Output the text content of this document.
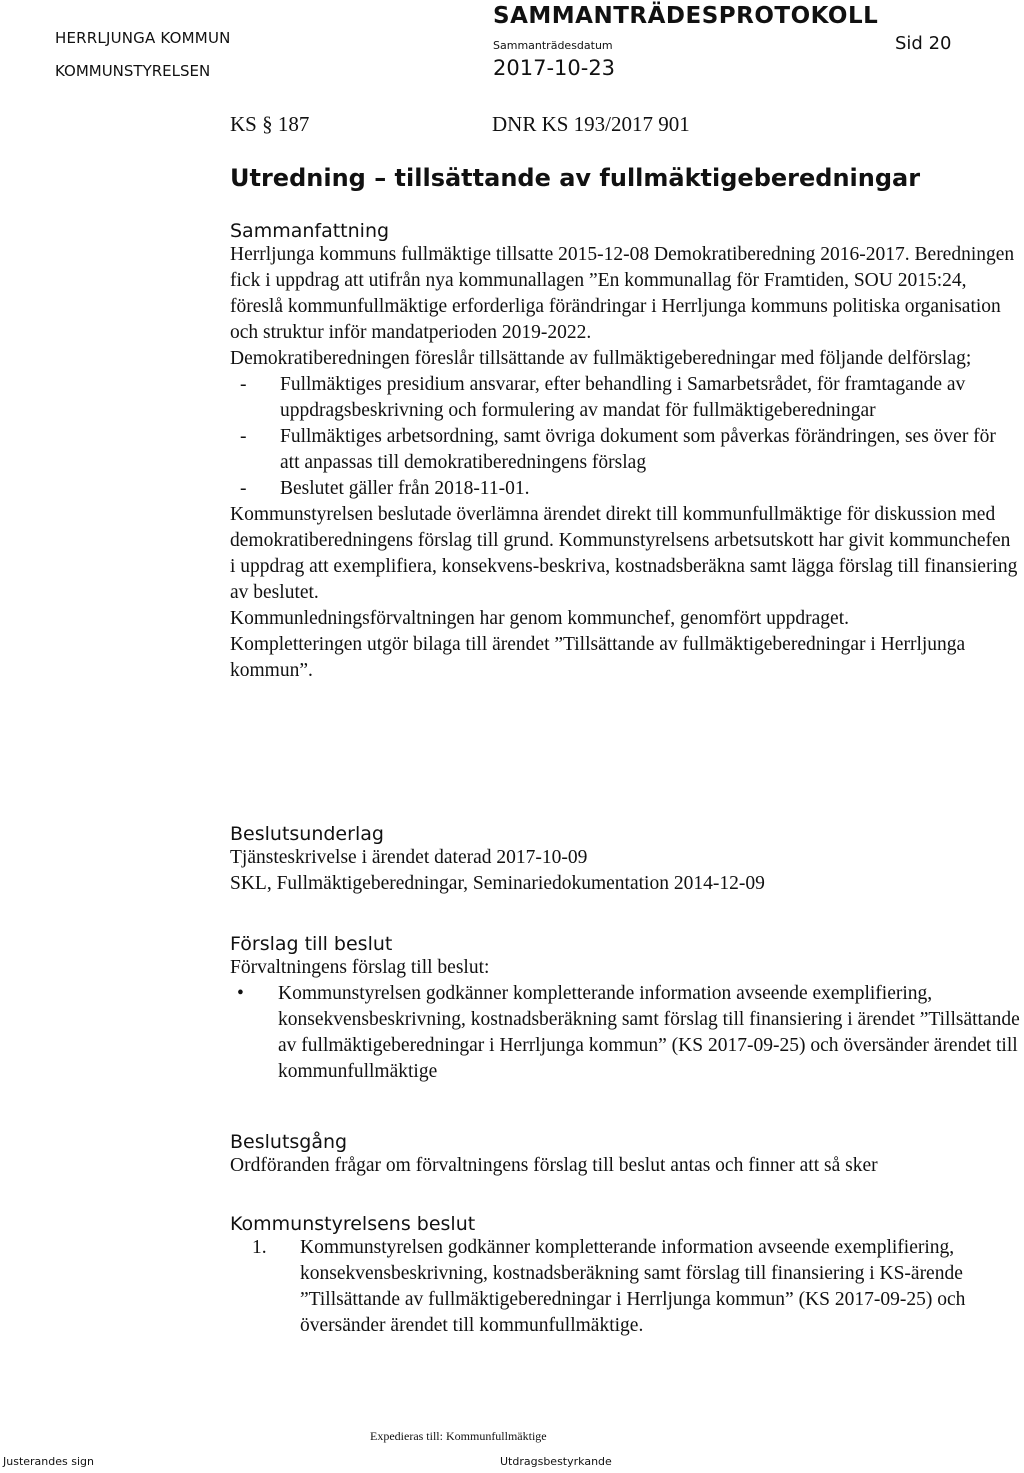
HERRLJUNGA KOMMUN
KOMMUNSTYRELSEN
SAMMANTRÄDESPROTOKOLL
Sammanträdesdatum
2017-10-23
Sid 20
KS § 187	DNR KS 193/2017 901
Utredning – tillsättande av fullmäktigeberedningar
Sammanfattning

Herrljunga kommuns fullmäktige tillsatte 2015-12-08 Demokratiberedning 2016-2017. Beredningen fick i uppdrag att utifrån nya kommunallagen ”En kommunallag för Framtiden, SOU 2015:24, föreslå kommunfullmäktige erforderliga förändringar i Herrljunga kommuns politiska organisation och struktur inför mandatperioden 2019-2022.

Demokratiberedningen föreslår tillsättande av fullmäktigeberedningar med följande delförslag;

- Fullmäktiges presidium ansvarar, efter behandling i Samarbetsrådet, för framtagande av uppdragsbeskrivning och formulering av mandat för fullmäktigeberedningar
- Fullmäktiges arbetsordning, samt övriga dokument som påverkas förändringen, ses över för att anpassas till demokratiberedningens förslag
- Beslutet gäller från 2018-11-01.

Kommunstyrelsen beslutade överlämna ärendet direkt till kommunfullmäktige för diskussion med demokratiberedningens förslag till grund. Kommunstyrelsens arbetsutskott har givit kommunchefen i uppdrag att exemplifiera, konsekvens-beskriva, kostnadsberäkna samt lägga förslag till finansiering av beslutet.

Kommunledningsförvaltningen har genom kommunchef, genomfört uppdraget.

Kompletteringen utgör bilaga till ärendet ”Tillsättande av fullmäktigeberedningar i Herrljunga kommun”.

Beslutsunderlag

Tjänsteskrivelse i ärendet daterad 2017-10-09

SKL, Fullmäktigeberedningar, Seminariedokumentation 2014-12-09

Förslag till beslut

Förvaltningens förslag till beslut:

• Kommunstyrelsen godkänner kompletterande information avseende exemplifiering, konsekvensbeskrivning, kostnadsberäkning samt förslag till finansiering i ärendet ”Tillsättande av fullmäktigeberedningar i Herrljunga kommun” (KS 2017-09-25) och översänder ärendet till kommunfullmäktige
Beslutsgång

Ordföranden frågar om förvaltningens förslag till beslut antas och finner att så sker

Kommunstyrelsens beslut
1. Kommunstyrelsen godkänner kompletterande information avseende exemplifiering, konsekvensbeskrivning, kostnadsberäkning samt förslag till finansiering i KS-ärende ”Tillsättande av fullmäktigeberedningar i Herrljunga kommun” (KS 2017-09-25) och översänder ärendet till kommunfullmäktige.
Expedieras till: Kommunfullmäktige
Justerandes sign	Utdragsbestyrkande
